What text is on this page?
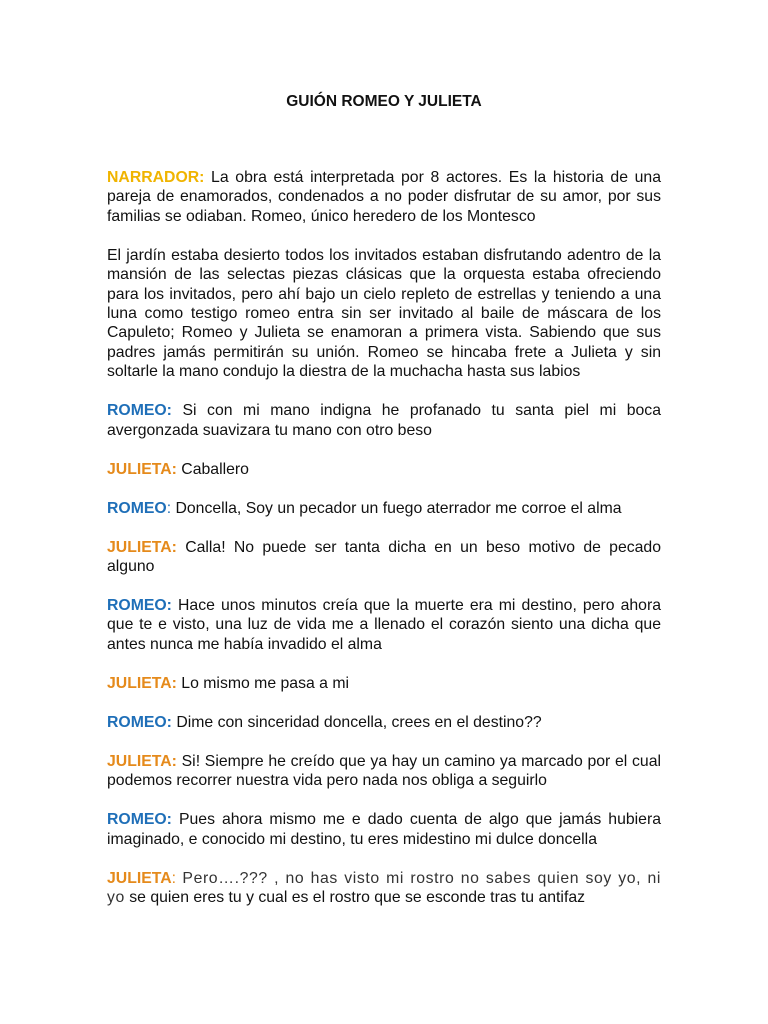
GUIÓN ROMEO Y JULIETA

NARRADOR: La obra está interpretada por 8 actores. Es la historia de una pareja de enamorados, condenados a no poder disfrutar de su amor, por sus familias se odiaban. Romeo, único heredero de los Montesco

El jardín estaba desierto todos los invitados estaban disfrutando adentro de la mansión de las selectas piezas clásicas que la orquesta estaba ofreciendo para los invitados, pero ahí bajo un cielo repleto de estrellas y teniendo a una luna como testigo romeo entra sin ser invitado al baile de máscara de los Capuleto; Romeo y Julieta se enamoran a primera vista. Sabiendo que sus padres jamás permitirán su unión. Romeo se hincaba frete a Julieta y sin soltarle la mano condujo la diestra de la muchacha hasta sus labios

ROMEO: Si con mi mano indigna he profanado tu santa piel mi boca avergonzada suavizara tu mano con otro beso

JULIETA: Caballero

ROMEO: Doncella, Soy un pecador un fuego aterrador me corroe el alma

JULIETA: Calla! No puede ser tanta dicha en un beso motivo de pecado alguno

ROMEO: Hace unos minutos creía que la muerte era mi destino, pero ahora que te e visto, una luz de vida me a llenado el corazón siento una dicha que antes nunca me había invadido el alma

JULIETA: Lo mismo me pasa a mi

ROMEO: Dime con sinceridad doncella, crees en el destino??

JULIETA: Si! Siempre he creído que ya hay un camino ya marcado por el cual podemos recorrer nuestra vida pero nada nos obliga a seguirlo

ROMEO: Pues ahora mismo me e dado cuenta de algo que jamás hubiera imaginado, e conocido mi destino, tu eres midestino mi dulce doncella

JULIETA: Pero….??? , no has visto mi rostro no sabes quien soy yo, ni yo se quien eres tu y cual es el rostro que se esconde tras tu antifaz
